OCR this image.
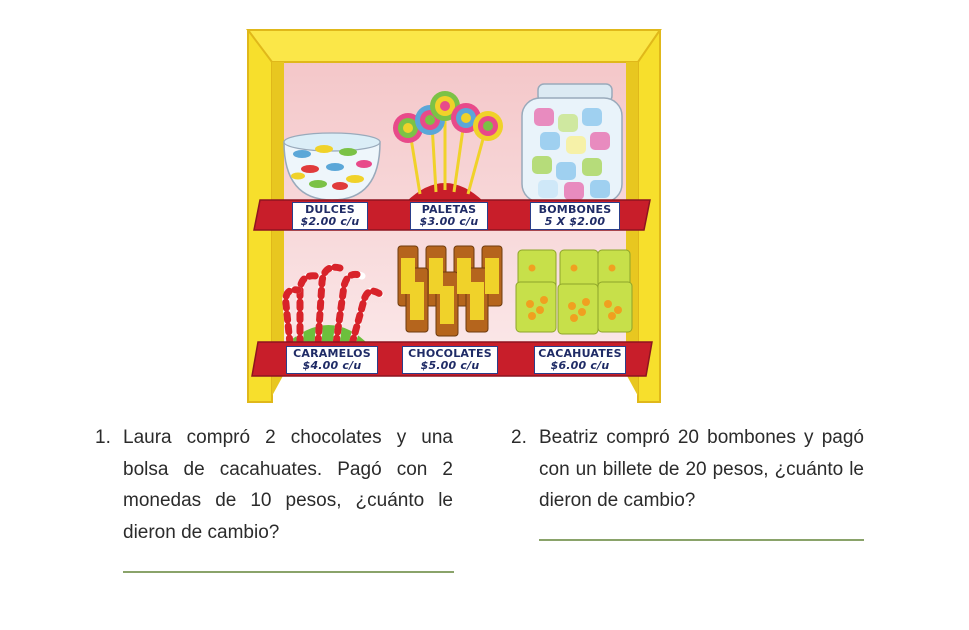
DULCES
$2.00 c/u
PALETAS
$3.00 c/u
BOMBONES
5 X $2.00
CARAMELOS
$4.00 c/u
CHOCOLATES
$5.00 c/u
CACAHUATES
$6.00 c/u
1. Laura compró 2 chocolates y una bolsa de cacahuates. Pagó con 2 monedas de 10 pesos, ¿cuánto le dieron de cambio?
2. Beatriz compró 20 bombones y pagó con un billete de 20 pesos, ¿cuánto le dieron de cambio?
